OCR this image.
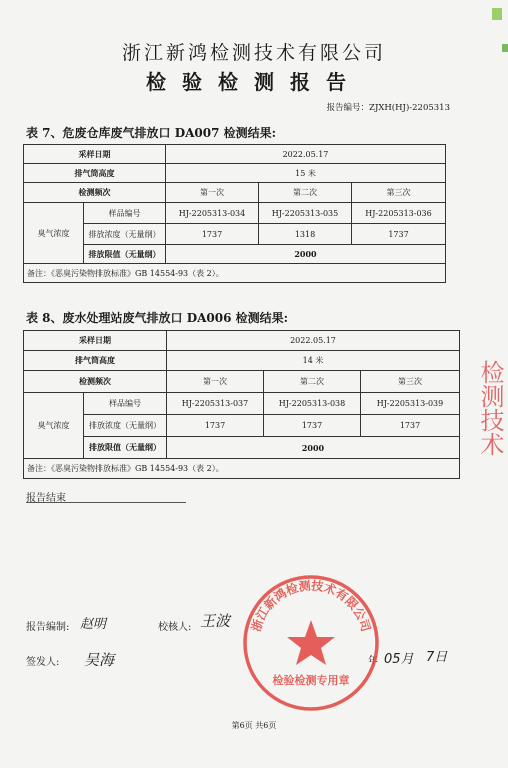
浙江新鸿检测技术有限公司
检验检测报告
报告编号：ZJXH(HJ)-2205313
表 7、危废仓库废气排放口 DA007 检测结果:
采样日期		2022.05.17		
排气筒高度		15 米		
检测频次		第一次	第二次	第三次
臭气浓度	样品编号	HJ-2205313-034	HJ-2205313-035	HJ-2205313-036
	排放浓度（无量纲）	1737	1318	1737
	排放限值（无量纲）	2000		
备注：《恶臭污染物排放标准》GB 14554-93（表 2）。				
表 8、废水处理站废气排放口 DA006 检测结果:
采样日期		2022.05.17		
排气筒高度		14 米		
检测频次		第一次	第二次	第三次
臭气浓度	样品编号	HJ-2205313-037	HJ-2205313-038	HJ-2205313-039
	排放浓度（无量纲）	1737	1737	1737
	排放限值（无量纲）	2000		
备注：《恶臭污染物排放标准》GB 14554-93（表 2）。				
报告结束
报告编制: 赵明	校核人: 王波
签发人: 吴海	年 05月 7日
浙江新鸿检测技术有限公司
检验检测专用章
检测技术
第6页 共6页
